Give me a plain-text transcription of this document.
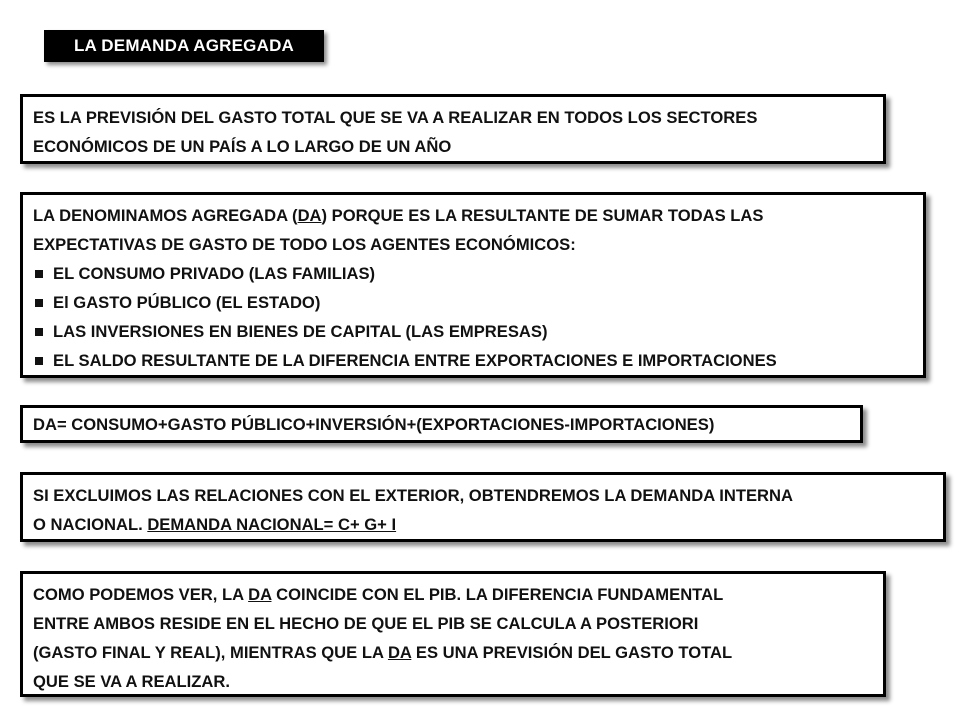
LA DEMANDA AGREGADA
ES LA PREVISIÓN DEL GASTO TOTAL QUE SE VA A REALIZAR EN TODOS LOS SECTORES
ECONÓMICOS DE UN PAÍS A LO LARGO DE UN AÑO
LA DENOMINAMOS AGREGADA (DA) PORQUE ES LA RESULTANTE DE SUMAR TODAS LAS
EXPECTATIVAS DE GASTO DE TODO LOS AGENTES ECONÓMICOS:
EL CONSUMO PRIVADO (LAS FAMILIAS)
El GASTO PÚBLICO (EL ESTADO)
LAS INVERSIONES EN BIENES DE CAPITAL (LAS EMPRESAS)
EL SALDO RESULTANTE DE LA DIFERENCIA ENTRE EXPORTACIONES E IMPORTACIONES
DA= CONSUMO+GASTO PÚBLICO+INVERSIÓN+(EXPORTACIONES-IMPORTACIONES)
SI EXCLUIMOS LAS RELACIONES CON EL EXTERIOR, OBTENDREMOS LA DEMANDA INTERNA
O NACIONAL. DEMANDA NACIONAL= C+ G+ I
COMO PODEMOS VER, LA DA COINCIDE CON EL PIB. LA DIFERENCIA FUNDAMENTAL
ENTRE AMBOS RESIDE EN EL HECHO DE QUE EL PIB SE CALCULA A POSTERIORI
(GASTO FINAL Y REAL), MIENTRAS QUE LA DA ES UNA PREVISIÓN DEL GASTO TOTAL
QUE SE VA A REALIZAR.
